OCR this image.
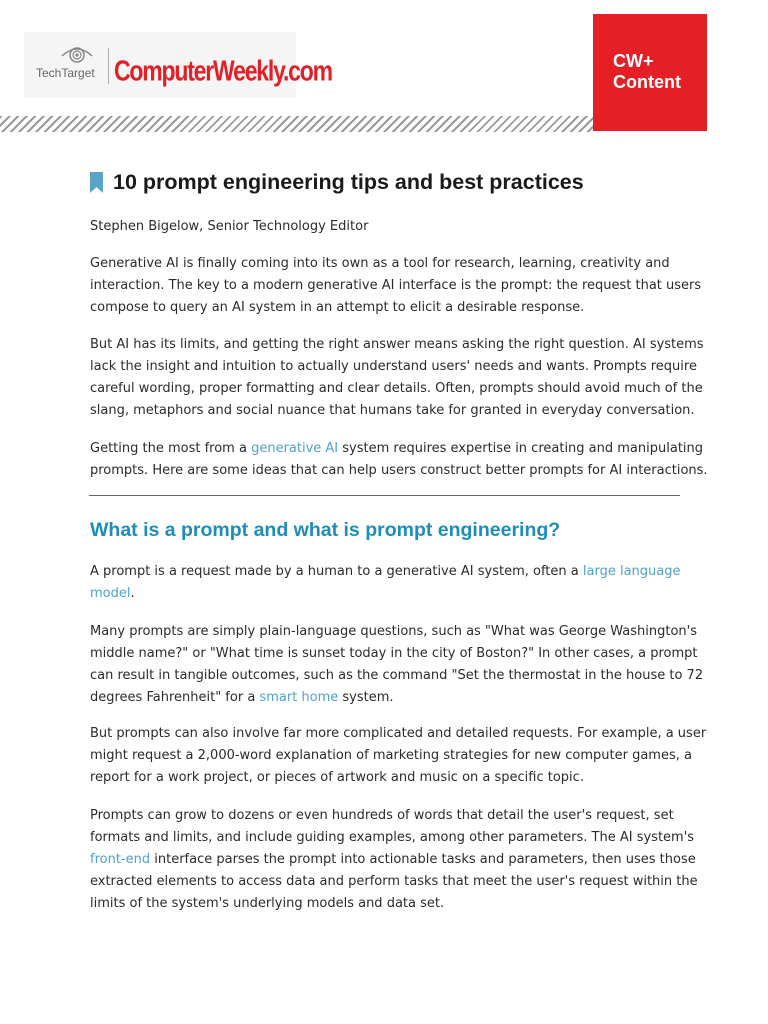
TechTarget ComputerWeekly.com	CW+
Content
10 prompt engineering tips and best practices
Stephen Bigelow, Senior Technology Editor
Generative AI is finally coming into its own as a tool for research, learning, creativity and
interaction. The key to a modern generative AI interface is the prompt: the request that users
compose to query an AI system in an attempt to elicit a desirable response.
But AI has its limits, and getting the right answer means asking the right question. AI systems
lack the insight and intuition to actually understand users' needs and wants. Prompts require
careful wording, proper formatting and clear details. Often, prompts should avoid much of the
slang, metaphors and social nuance that humans take for granted in everyday conversation.
Getting the most from a generative AI system requires expertise in creating and manipulating
prompts. Here are some ideas that can help users construct better prompts for AI interactions.
What is a prompt and what is prompt engineering?
A prompt is a request made by a human to a generative AI system, often a large language
model.
Many prompts are simply plain-language questions, such as "What was George Washington's
middle name?" or "What time is sunset today in the city of Boston?" In other cases, a prompt
can result in tangible outcomes, such as the command "Set the thermostat in the house to 72
degrees Fahrenheit" for a smart home system.
But prompts can also involve far more complicated and detailed requests. For example, a user
might request a 2,000-word explanation of marketing strategies for new computer games, a
report for a work project, or pieces of artwork and music on a specific topic.
Prompts can grow to dozens or even hundreds of words that detail the user's request, set
formats and limits, and include guiding examples, among other parameters. The AI system's
front-end interface parses the prompt into actionable tasks and parameters, then uses those
extracted elements to access data and perform tasks that meet the user's request within the
limits of the system's underlying models and data set.
